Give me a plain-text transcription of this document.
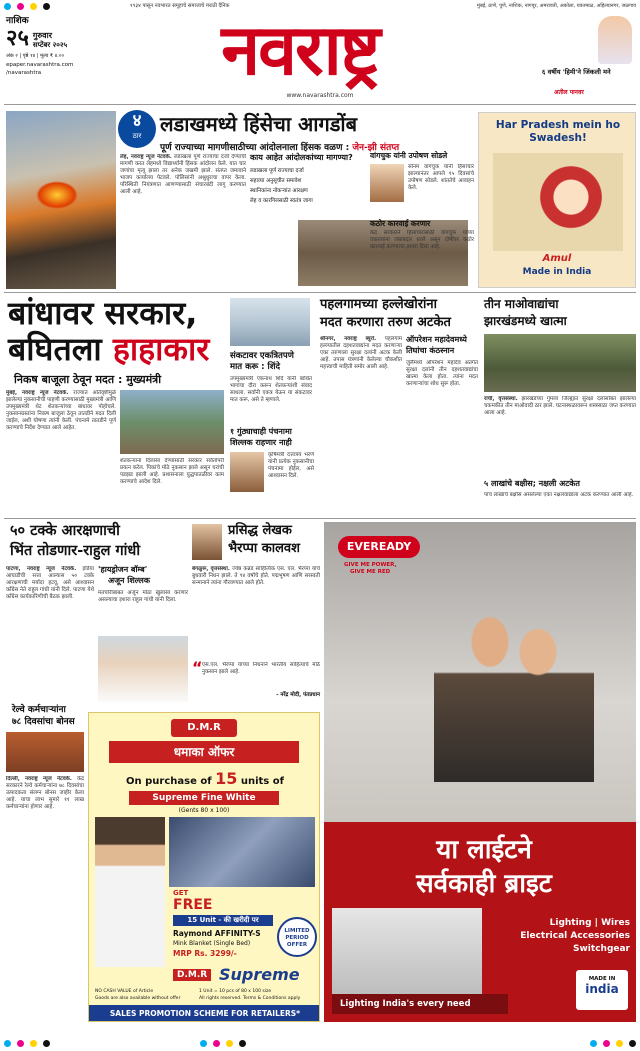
१९३४ पासून नवभारत समूहाचे समाजाचे मराठी दैनिक	मुंबई, ठाणे, पुणे, नाशिक, नागपूर, अमरावती, अकोला, यवतमाळ, अहिल्यानगर, जळगाव
नाशिक
२५ गुरुवार
सप्टेंबर २०२५
अंक २ | पृष्ठे १४ | मूल्य ₹ ४.००
epaper.navarashtra.com
/navarashtra	नवराष्ट्र
www.navarashtra.com
६ वर्षीय 'हिमी'ने जिंकली मने
अतील पानवर
४
ठार लडाखमध्ये हिंसेचा आगडोंब
पूर्ण राज्याच्या मागणीसाठीच्या आंदोलनाला हिंसक वळण : जेन-झी संतप्त
लेह, नवराष्ट्र न्यूज नेटवर्क. लडाखला पूर्ण राज्याचा दर्जा देण्याची मागणी करत लेहमध्ये विद्यार्थ्यांनी हिंसक आंदोलन केले. यात चार जणांचा मृत्यू झाला तर अनेक जखमी झाले. संतप्त जमावाने भाजप कार्यालय पेटवले. पोलिसांनी अश्रुधुराचा वापर केला. परिस्थिती नियंत्रणात आणण्यासाठी संचारबंदी लागू करण्यात आली आहे.
काय आहेत आंदोलकांच्या मागण्या?
लडाखला पूर्ण राज्याचा दर्जा
सहाव्या अनुसूचीत समावेश
स्थानिकांना नोकऱ्यांत आरक्षण
लेह व कारगिलसाठी स्वतंत्र जागा
वांगचुक यांनी उपोषण सोडले
सोनम वांगचुक यांनी हिंसाचार झाल्यानंतर आपले १५ दिवसांचे उपोषण सोडले. शांततेचे आवाहन केले.
कठोर कारवाई करणार
केंद्र सरकारने हिंसाचारासाठी वांगचुक यांच्या वक्तव्यांना जबाबदार धरले असून दोषींवर कठोर कारवाई करण्याचा इशारा दिला आहे.
Har Pradesh mein ho Swadesh!
Amul
Made in India
बांधावर सरकार,
बघितला हाहाकार
निकष बाजूला ठेवून मदत : मुख्यमंत्री
मुंबई, नवराष्ट्र न्यूज नेटवर्क. राज्यात अतिवृष्टीमुळे झालेल्या नुकसानीची पाहणी करण्यासाठी मुख्यमंत्री आणि उपमुख्यमंत्री थेट शेतकऱ्यांच्या बांधावर पोहोचले. नुकसानग्रस्तांना निकष बाजूला ठेवून तातडीने मदत दिली जाईल, अशी घोषणा त्यांनी केली. पंचनामे तातडीने पूर्ण करण्याचे निर्देश देण्यात आले आहेत.
शेतकऱ्यांना दिलासा देण्यासाठी सरकार सर्वतोपरी प्रयत्न करेल. पिकांचे मोठे नुकसान झाले असून घरांची पडझड झाली आहे. प्रशासनाला युद्धपातळीवर काम करण्याचे आदेश दिले.
संकटावर एकत्रितपणे
मात करू : शिंदे
उपमुख्यमंत्री एकनाथ शिंदे यांनी बाधित भागांचा दौरा करून शेतकऱ्यांशी संवाद साधला. सर्वांनी एकत्र येऊन या संकटावर मात करू, असे ते म्हणाले.
१ गुंठ्याचाही पंचनामा
शिल्लक राहणार नाही
कृषिमंत्री दत्तात्रय भरणे यांनी प्रत्येक नुकसानीचा पंचनामा होईल, असे आश्वासन दिले.
पहलगामच्या हल्लेखोरांना
मदत करणारा तरुण अटकेत
श्रीनगर, नवराष्ट्र ब्युरो. पहलगाम हल्ल्यातील दहशतवाद्यांना मदत करणाऱ्या एका तरुणाला सुरक्षा दलांनी अटक केली आहे. तपास यंत्रणांनी केलेल्या चौकशीत महत्त्वाची माहिती समोर आली आहे.
ऑपरेशन महादेवमध्ये
तिघांचा कंठस्नान
जुलैमध्ये ऑपरेशन महादेव अंतर्गत सुरक्षा दलांनी तीन दहशतवाद्यांचा खात्मा केला होता. त्यांना मदत करणाऱ्यांचा शोध सुरू होता.
तीन माओवाद्यांचा
झारखंडमध्ये खात्मा
रांची, वृत्तसंस्था. झारखंडच्या गुमला जिल्ह्यात सुरक्षा दलांसोबत झालेल्या चकमकीत तीन माओवादी ठार झाले. घटनास्थळावरून शस्त्रसाठा जप्त करण्यात आला आहे.
५ लाखांचे बक्षीस; नक्षली अटकेत
पाच लाखांचे बक्षीस असलेल्या एका नक्षलवाद्याला अटक करण्यात आली आहे.
५० टक्के आरक्षणाची
भिंत तोडणार-राहुल गांधी
पाटणा, नवराष्ट्र न्यूज नेटवर्क. इंडिया आघाडीची सत्ता आल्यास ५० टक्के आरक्षणाची मर्यादा हटवू, असे आश्वासन काँग्रेस नेते राहुल गांधी यांनी दिले. पाटणा येथे काँग्रेस कार्यकारिणीची बैठक झाली.
'हायड्रोजन बॉम्ब'
अजून शिल्लक
मतचोरीबाबत अजून मोठा खुलासा करणार असल्याचा इशारा राहुल गांधी यांनी दिला.
प्रसिद्ध लेखक
भैरप्पा कालवश
बंगळुरू, वृत्तसंस्था. ज्येष्ठ कन्नड साहित्यिक एस. एल. भैरप्पा यांचे बुधवारी निधन झाले. ते ९४ वर्षांचे होते. पद्मभूषण आणि सरस्वती सन्मानाने त्यांना गौरवण्यात आले होते.
“ एस.एल. भैरप्पा यांच्या निधनाने भारतीय साहित्याचे मोठे नुकसान झाले आहे.
- नरेंद्र मोदी, पंतप्रधान
रेल्वे कर्मचाऱ्यांना
७८ दिवसांचा बोनस
दिल्ली, नवराष्ट्र न्यूज नेटवर्क. केंद्र सरकारने रेल्वे कर्मचाऱ्यांना ७८ दिवसांचा उत्पादकता संलग्न बोनस जाहीर केला आहे. याचा लाभ सुमारे ११ लाख कर्मचाऱ्यांना होणार आहे.
D.M.R
धमाका ऑफर
On purchase of 15 units of
Supreme Fine White
(Gents 80 x 100)
GET
FREE
15 Unit - की खरीदी पर
Raymond AFFINITY-S
Mink Blanket (Single Bed)
MRP Rs. 3299/-
LIMITED PERIOD OFFER
D.M.R Supreme
NO CASH VALUE of Article	1 Unit = 10 pcs of 80 x 100 size
Goods are also available without offer	All rights reserved. Terms & Conditions apply
SALES PROMOTION SCHEME FOR RETAILERS*
EVEREADY
GIVE ME POWER,
GIVE ME RED
या लाईटने
सर्वकाही ब्राइट
Lighting | Wires
Electrical Accessories
Switchgear
Lighting India's every need
MADE IN
india
